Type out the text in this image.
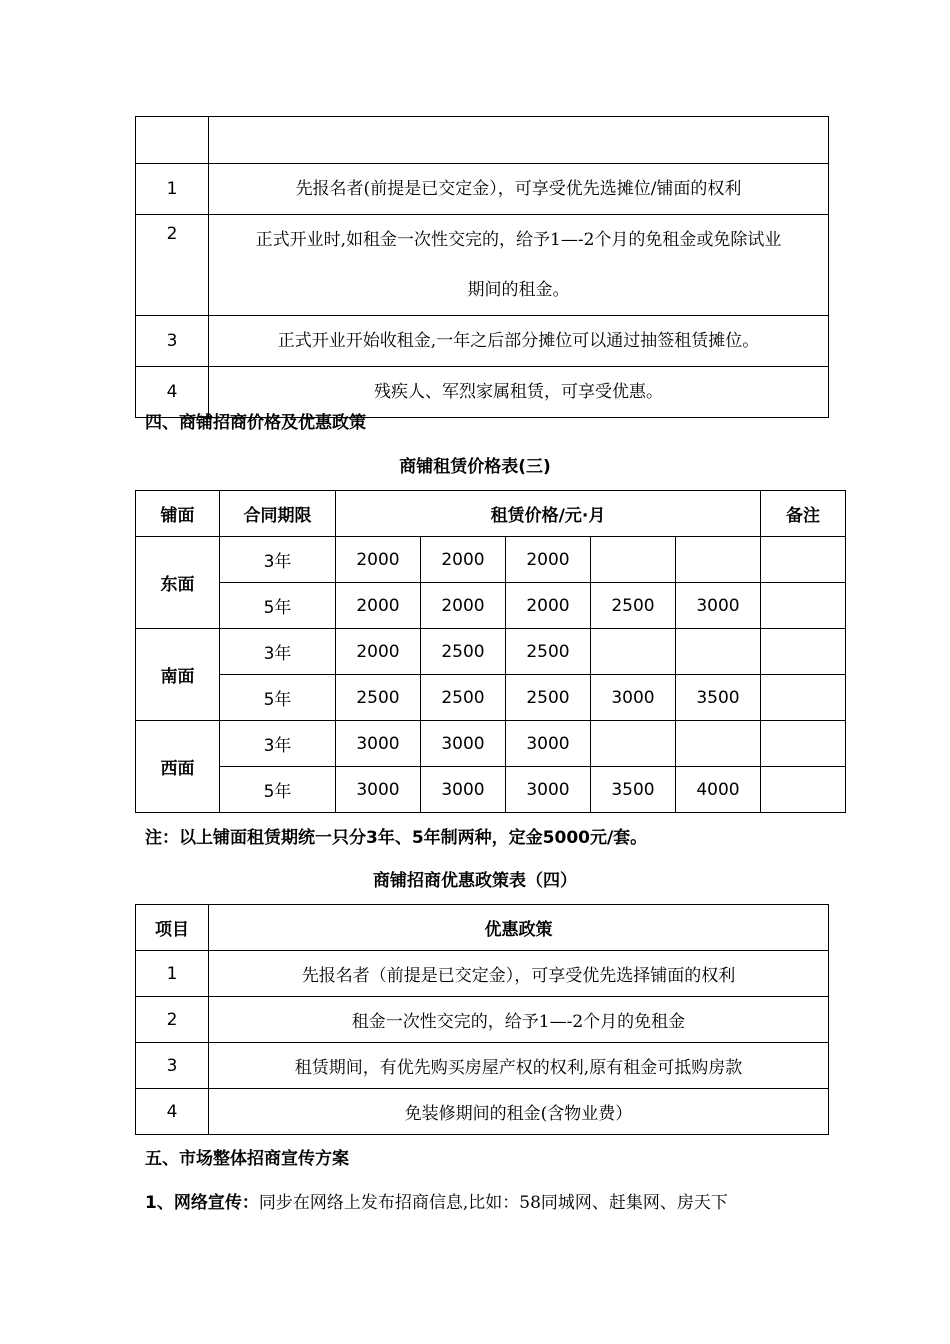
1	先报名者(前提是已交定金），可享受优先选摊位/铺面的权利
2	正式开业时,如租金一次性交完的，给予1—-2个月的免租金或免除试业
期间的租金。

3	正式开业开始收租金,一年之后部分摊位可以通过抽签租赁摊位。
4	残疾人、军烈家属租赁，可享受优惠。
四、商铺招商价格及优惠政策
商铺租赁价格表(三)
铺面	合同期限	租赁价格/元·月					备注
东面	3年	2000	2000	2000			
	5年	2000	2000	2000	2500	3000	
南面	3年	2000	2500	2500			
	5年	2500	2500	2500	3000	3500	
西面	3年	3000	3000	3000			
	5年	3000	3000	3000	3500	4000	
注：以上铺面租赁期统一只分3年、5年制两种，定金5000元/套。
商铺招商优惠政策表（四）
项目	优惠政策
1	先报名者（前提是已交定金），可享受优先选择铺面的权利
2	租金一次性交完的，给予1—-2个月的免租金
3	租赁期间，有优先购买房屋产权的权利,原有租金可抵购房款
4	免装修期间的租金(含物业费）
五、市场整体招商宣传方案
1、网络宣传：同步在网络上发布招商信息,比如：58同城网、赶集网、房天下
